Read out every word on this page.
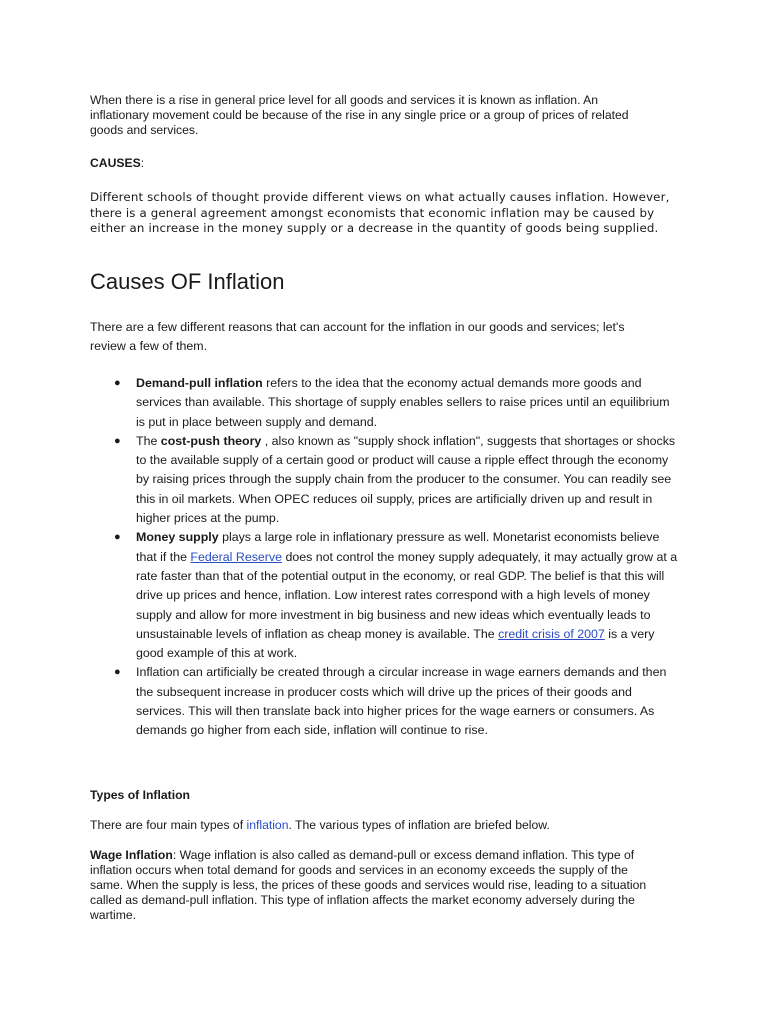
When there is a rise in general price level for all goods and services it is known as inflation. An inflationary movement could be because of the rise in any single price or a group of prices of related goods and services.

CAUSES:

Different schools of thought provide different views on what actually causes inflation. However, there is a general agreement amongst economists that economic inflation may be caused by either an increase in the money supply or a decrease in the quantity of goods being supplied.

Causes OF Inflation

There are a few different reasons that can account for the inflation in our goods and services; let's review a few of them.

● Demand-pull inflation refers to the idea that the economy actual demands more goods and services than available. This shortage of supply enables sellers to raise prices until an equilibrium is put in place between supply and demand.
● The cost-push theory , also known as "supply shock inflation", suggests that shortages or shocks to the available supply of a certain good or product will cause a ripple effect through the economy by raising prices through the supply chain from the producer to the consumer. You can readily see this in oil markets. When OPEC reduces oil supply, prices are artificially driven up and result in higher prices at the pump.
● Money supply plays a large role in inflationary pressure as well. Monetarist economists believe that if the Federal Reserve does not control the money supply adequately, it may actually grow at a rate faster than that of the potential output in the economy, or real GDP. The belief is that this will drive up prices and hence, inflation. Low interest rates correspond with a high levels of money supply and allow for more investment in big business and new ideas which eventually leads to unsustainable levels of inflation as cheap money is available. The credit crisis of 2007 is a very good example of this at work.
● Inflation can artificially be created through a circular increase in wage earners demands and then the subsequent increase in producer costs which will drive up the prices of their goods and services. This will then translate back into higher prices for the wage earners or consumers. As demands go higher from each side, inflation will continue to rise.
Types of Inflation
There are four main types of inflation. The various types of inflation are briefed below.

Wage Inflation: Wage inflation is also called as demand-pull or excess demand inflation. This type of inflation occurs when total demand for goods and services in an economy exceeds the supply of the same. When the supply is less, the prices of these goods and services would rise, leading to a situation called as demand-pull inflation. This type of inflation affects the market economy adversely during the wartime.
